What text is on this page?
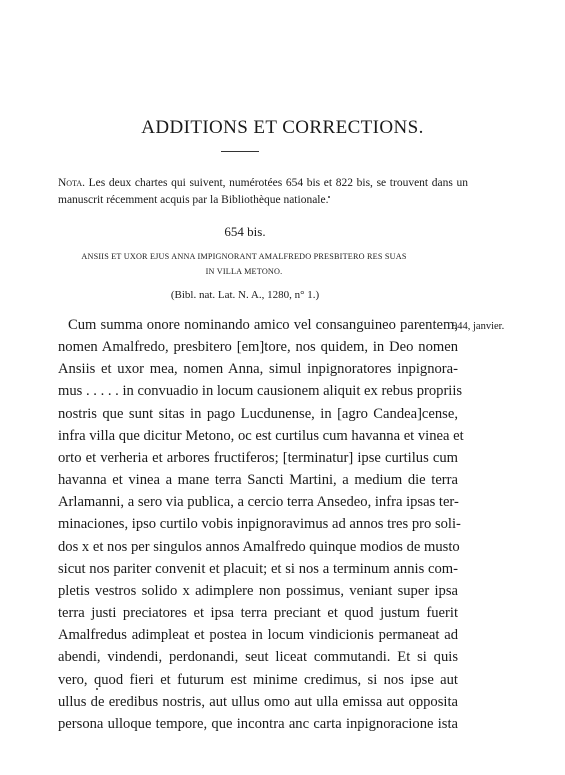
ADDITIONS ET CORRECTIONS.
Nota. Les deux chartes qui suivent, numérotées 654 bis et 822 bis, se trouvent dans un manuscrit récemment acquis par la Bibliothèque nationale.
654 bis.
ANSIIS ET UXOR EJUS ANNA IMPIGNORANT AMALFREDO PRESBITERO RES SUAS
IN VILLA METONO.
(Bibl. nat. Lat. N. A., 1280, n° 1.)
944, janvier.
Cum summa onore nominando amico vel consanguineo parentem,
nomen Amalfredo, presbitero [em]tore, nos quidem, in Deo nomen
Ansiis et uxor mea, nomen Anna, simul inpignoratores inpignora-
mus . . . . . in convuadio in locum causionem aliquit ex rebus propriis
nostris que sunt sitas in pago Lucdunense, in [agro Candea]cense,
infra villa que dicitur Metono, oc est curtilus cum havanna et vinea et
orto et verheria et arbores fructiferos; [terminatur] ipse curtilus cum
havanna et vinea a mane terra Sancti Martini, a medium die terra
Arlamanni, a sero via publica, a cercio terra Ansedeo, infra ipsas ter-
minaciones, ipso curtilo vobis inpignoravimus ad annos tres pro soli-
dos x et nos per singulos annos Amalfredo quinque modios de musto
sicut nos pariter convenit et placuit; et si nos a terminum annis com-
pletis vestros solido x adimplere non possimus, veniant super ipsa
terra justi preciatores et ipsa terra preciant et quod justum fuerit
Amalfredus adimpleat et postea in locum vindicionis permaneat ad
abendi, vindendi, perdonandi, seut liceat commutandi. Et si quis
vero, quod fieri et futurum est minime credimus, si nos ipse aut
ullus de eredibus nostris, aut ullus omo aut ulla emissa aut opposita
persona ulloque tempore, que incontra anc carta inpignoracione ista
